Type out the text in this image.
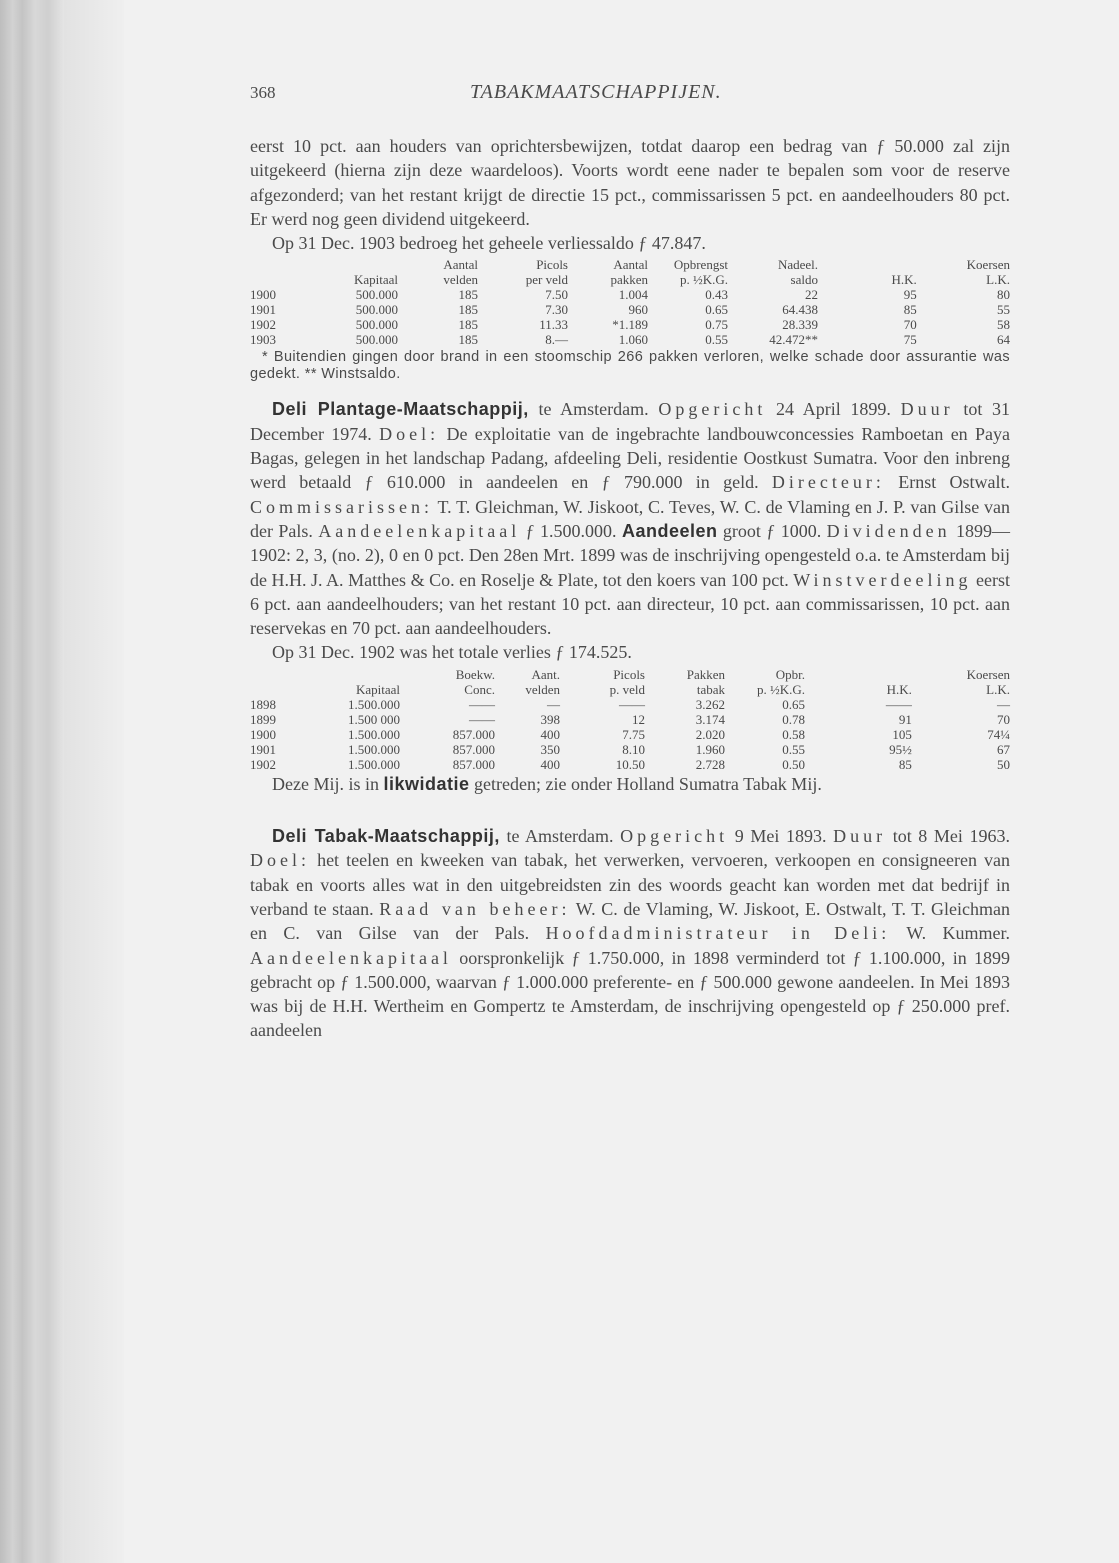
368	TABAKMAATSCHAPPIJEN.

eerst 10 pct. aan houders van oprichtersbewijzen, totdat daarop een bedrag van ƒ 50.000 zal zijn uitgekeerd (hierna zijn deze waardeloos). Voorts wordt eene nader te bepalen som voor de reserve afgezonderd; van het restant krijgt de directie 15 pct., commissarissen 5 pct. en aandeelhouders 80 pct. Er werd nog geen dividend uitgekeerd.

Op 31 Dec. 1903 bedroeg het geheele verliessaldo ƒ 47.847.

		Aantal	Picols	Aantal	Opbrengst	Nadeel.	Koersen	
	Kapitaal	velden	per veld	pakken	p. ½K.G.	saldo	H.K.	L.K.
1900	500.000	185	7.50	1.004	0.43	22	95	80
1901	500.000	185	7.30	960	0.65	64.438	85	55
1902	500.000	185	11.33	*1.189	0.75	28.339	70	58
1903	500.000	185	8.—	1.060	0.55	42.472**	75	64

* Buitendien gingen door brand in een stoomschip 266 pakken verloren, welke schade door assurantie was gedekt. ** Winstsaldo.

Deli Plantage-Maatschappij, te Amsterdam. Opgericht 24 April 1899. Duur tot 31 December 1974. Doel: De exploitatie van de ingebrachte landbouwconcessies Ramboetan en Paya Bagas, gelegen in het landschap Padang, afdeeling Deli, residentie Oostkust Sumatra. Voor den inbreng werd betaald ƒ 610.000 in aandeelen en ƒ 790.000 in geld. Directeur: Ernst Ostwalt. Commissarissen: T. T. Gleichman, W. Jiskoot, C. Teves, W. C. de Vlaming en J. P. van Gilse van der Pals. Aandeelenkapitaal ƒ 1.500.000. Aandeelen groot ƒ 1000. Dividenden 1899—1902: 2, 3, (no. 2), 0 en 0 pct. Den 28en Mrt. 1899 was de inschrijving opengesteld o.a. te Amsterdam bij de H.H. J. A. Matthes & Co. en Roselje & Plate, tot den koers van 100 pct. Winstverdeeling eerst 6 pct. aan aandeelhouders; van het restant 10 pct. aan directeur, 10 pct. aan commissarissen, 10 pct. aan reservekas en 70 pct. aan aandeelhouders.

Op 31 Dec. 1902 was het totale verlies ƒ 174.525.

		Boekw.	Aant.	Picols	Pakken	Opbr.	Koersen	
	Kapitaal	Conc.	velden	p. veld	tabak	p. ½K.G.	H.K.	L.K.
1898	1.500.000	——	—	——	3.262	0.65	——	—
1899	1.500 000	——	398	12	3.174	0.78	91	70
1900	1.500.000	857.000	400	7.75	2.020	0.58	105	74¼
1901	1.500.000	857.000	350	8.10	1.960	0.55	95½	67
1902	1.500.000	857.000	400	10.50	2.728	0.50	85	50

Deze Mij. is in likwidatie getreden; zie onder Holland Sumatra Tabak Mij.

Deli Tabak-Maatschappij, te Amsterdam. Opgericht 9 Mei 1893. Duur tot 8 Mei 1963. Doel: het teelen en kweeken van tabak, het verwerken, vervoeren, verkoopen en consigneeren van tabak en voorts alles wat in den uitgebreidsten zin des woords geacht kan worden met dat bedrijf in verband te staan. Raad van beheer: W. C. de Vlaming, W. Jiskoot, E. Ostwalt, T. T. Gleichman en C. van Gilse van der Pals. Hoofdadministrateur in Deli: W. Kummer. Aandeelenkapitaal oorspronkelijk ƒ 1.750.000, in 1898 verminderd tot ƒ 1.100.000, in 1899 gebracht op ƒ 1.500.000, waarvan ƒ 1.000.000 preferente- en ƒ 500.000 gewone aandeelen. In Mei 1893 was bij de H.H. Wertheim en Gompertz te Amsterdam, de inschrijving opengesteld op ƒ 250.000 pref. aandeelen
